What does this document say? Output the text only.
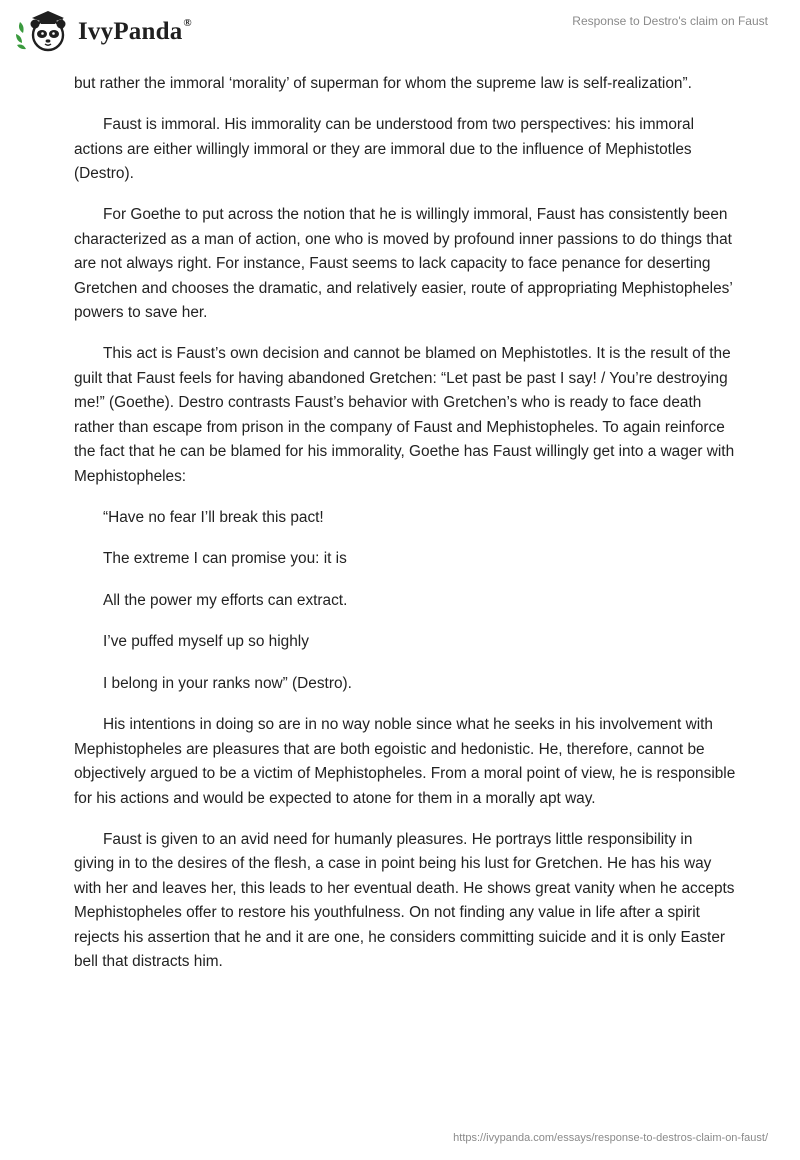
IvyPanda®	Response to Destro's claim on Faust

but rather the immoral ‘morality’ of superman for whom the supreme law is self-realization”.

Faust is immoral. His immorality can be understood from two perspectives: his immoral actions are either willingly immoral or they are immoral due to the influence of Mephistotles (Destro).

For Goethe to put across the notion that he is willingly immoral, Faust has consistently been characterized as a man of action, one who is moved by profound inner passions to do things that are not always right. For instance, Faust seems to lack capacity to face penance for deserting Gretchen and chooses the dramatic, and relatively easier, route of appropriating Mephistopheles’ powers to save her.

This act is Faust’s own decision and cannot be blamed on Mephistotles. It is the result of the guilt that Faust feels for having abandoned Gretchen: “Let past be past I say! / You’re destroying me!” (Goethe). Destro contrasts Faust’s behavior with Gretchen’s who is ready to face death rather than escape from prison in the company of Faust and Mephistopheles. To again reinforce the fact that he can be blamed for his immorality, Goethe has Faust willingly get into a wager with Mephistopheles:

“Have no fear I’ll break this pact!

The extreme I can promise you: it is

All the power my efforts can extract.

I’ve puffed myself up so highly

I belong in your ranks now” (Destro).

His intentions in doing so are in no way noble since what he seeks in his involvement with Mephistopheles are pleasures that are both egoistic and hedonistic. He, therefore, cannot be objectively argued to be a victim of Mephistopheles. From a moral point of view, he is responsible for his actions and would be expected to atone for them in a morally apt way.

Faust is given to an avid need for humanly pleasures. He portrays little responsibility in giving in to the desires of the flesh, a case in point being his lust for Gretchen. He has his way with her and leaves her, this leads to her eventual death. He shows great vanity when he accepts Mephistopheles offer to restore his youthfulness. On not finding any value in life after a spirit rejects his assertion that he and it are one, he considers committing suicide and it is only Easter bell that distracts him.

https://ivypanda.com/essays/response-to-destros-claim-on-faust/
